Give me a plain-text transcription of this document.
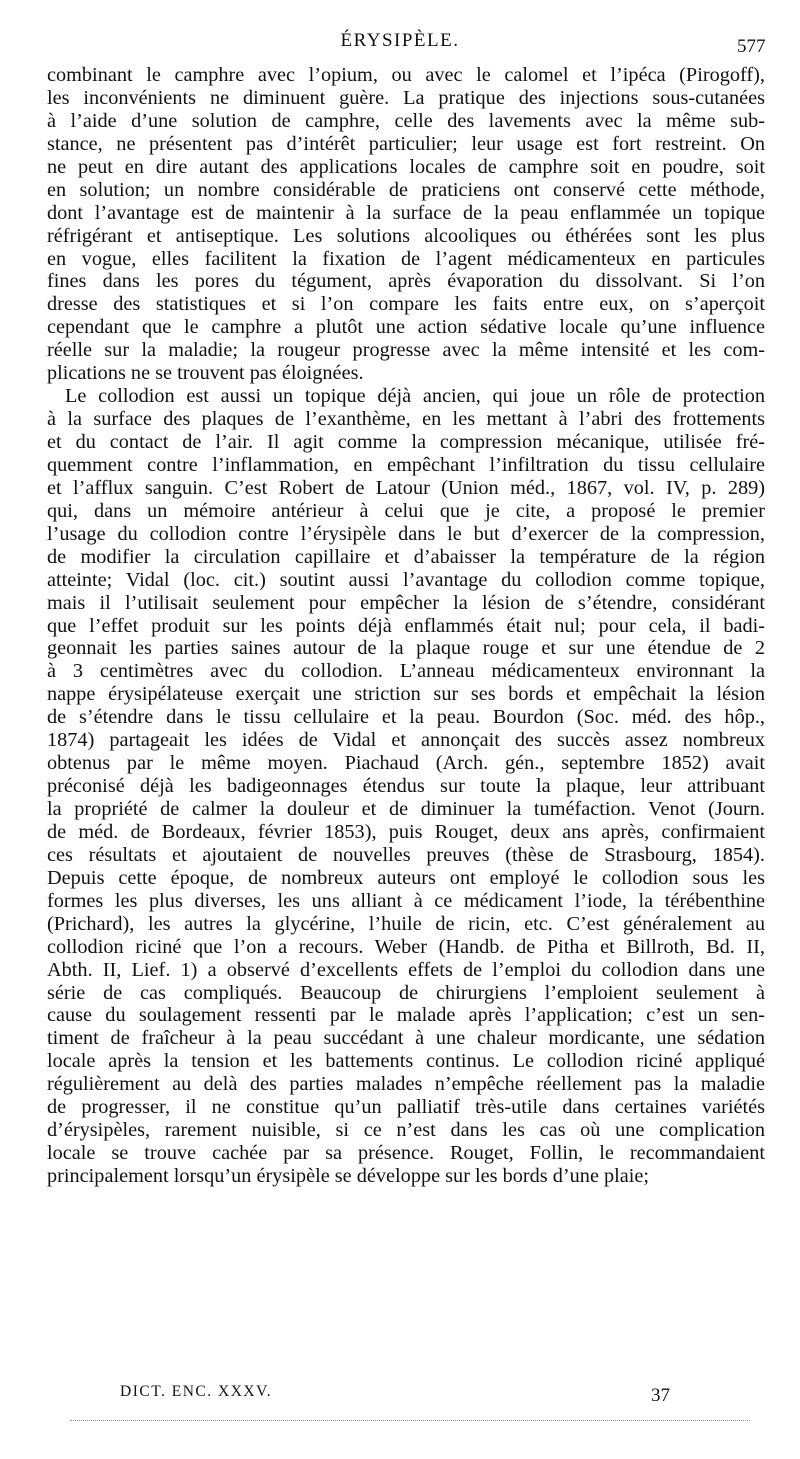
ÉRYSIPÈLE.	577
combinant le camphre avec l’opium, ou avec le calomel et l’ipéca (Pirogoff),
les inconvénients ne diminuent guère. La pratique des injections sous-cutanées
à l’aide d’une solution de camphre, celle des lavements avec la même sub-
stance, ne présentent pas d’intérêt particulier; leur usage est fort restreint. On
ne peut en dire autant des applications locales de camphre soit en poudre, soit
en solution; un nombre considérable de praticiens ont conservé cette méthode,
dont l’avantage est de maintenir à la surface de la peau enflammée un topique
réfrigérant et antiseptique. Les solutions alcooliques ou éthérées sont les plus
en vogue, elles facilitent la fixation de l’agent médicamenteux en particules
fines dans les pores du tégument, après évaporation du dissolvant. Si l’on
dresse des statistiques et si l’on compare les faits entre eux, on s’aperçoit
cependant que le camphre a plutôt une action sédative locale qu’une influence
réelle sur la maladie; la rougeur progresse avec la même intensité et les com-
plications ne se trouvent pas éloignées.
Le collodion est aussi un topique déjà ancien, qui joue un rôle de protection
à la surface des plaques de l’exanthème, en les mettant à l’abri des frottements
et du contact de l’air. Il agit comme la compression mécanique, utilisée fré-
quemment contre l’inflammation, en empêchant l’infiltration du tissu cellulaire
et l’afflux sanguin. C’est Robert de Latour (Union méd., 1867, vol. IV, p. 289)
qui, dans un mémoire antérieur à celui que je cite, a proposé le premier
l’usage du collodion contre l’érysipèle dans le but d’exercer de la compression,
de modifier la circulation capillaire et d’abaisser la température de la région
atteinte; Vidal (loc. cit.) soutint aussi l’avantage du collodion comme topique,
mais il l’utilisait seulement pour empêcher la lésion de s’étendre, considérant
que l’effet produit sur les points déjà enflammés était nul; pour cela, il badi-
geonnait les parties saines autour de la plaque rouge et sur une étendue de 2
à 3 centimètres avec du collodion. L’anneau médicamenteux environnant la
nappe érysipélateuse exerçait une striction sur ses bords et empêchait la lésion
de s’étendre dans le tissu cellulaire et la peau. Bourdon (Soc. méd. des hôp.,
1874) partageait les idées de Vidal et annonçait des succès assez nombreux
obtenus par le même moyen. Piachaud (Arch. gén., septembre 1852) avait
préconisé déjà les badigeonnages étendus sur toute la plaque, leur attribuant
la propriété de calmer la douleur et de diminuer la tuméfaction. Venot (Journ.
de méd. de Bordeaux, février 1853), puis Rouget, deux ans après, confirmaient
ces résultats et ajoutaient de nouvelles preuves (thèse de Strasbourg, 1854).
Depuis cette époque, de nombreux auteurs ont employé le collodion sous les
formes les plus diverses, les uns alliant à ce médicament l’iode, la térébenthine
(Prichard), les autres la glycérine, l’huile de ricin, etc. C’est généralement au
collodion riciné que l’on a recours. Weber (Handb. de Pitha et Billroth, Bd. II,
Abth. II, Lief. 1) a observé d’excellents effets de l’emploi du collodion dans une
série de cas compliqués. Beaucoup de chirurgiens l’emploient seulement à
cause du soulagement ressenti par le malade après l’application; c’est un sen-
timent de fraîcheur à la peau succédant à une chaleur mordicante, une sédation
locale après la tension et les battements continus. Le collodion riciné appliqué
régulièrement au delà des parties malades n’empêche réellement pas la maladie
de progresser, il ne constitue qu’un palliatif très-utile dans certaines variétés
d’érysipèles, rarement nuisible, si ce n’est dans les cas où une complication
locale se trouve cachée par sa présence. Rouget, Follin, le recommandaient
principalement lorsqu’un érysipèle se développe sur les bords d’une plaie;
DICT. ENC. XXXV.	37
